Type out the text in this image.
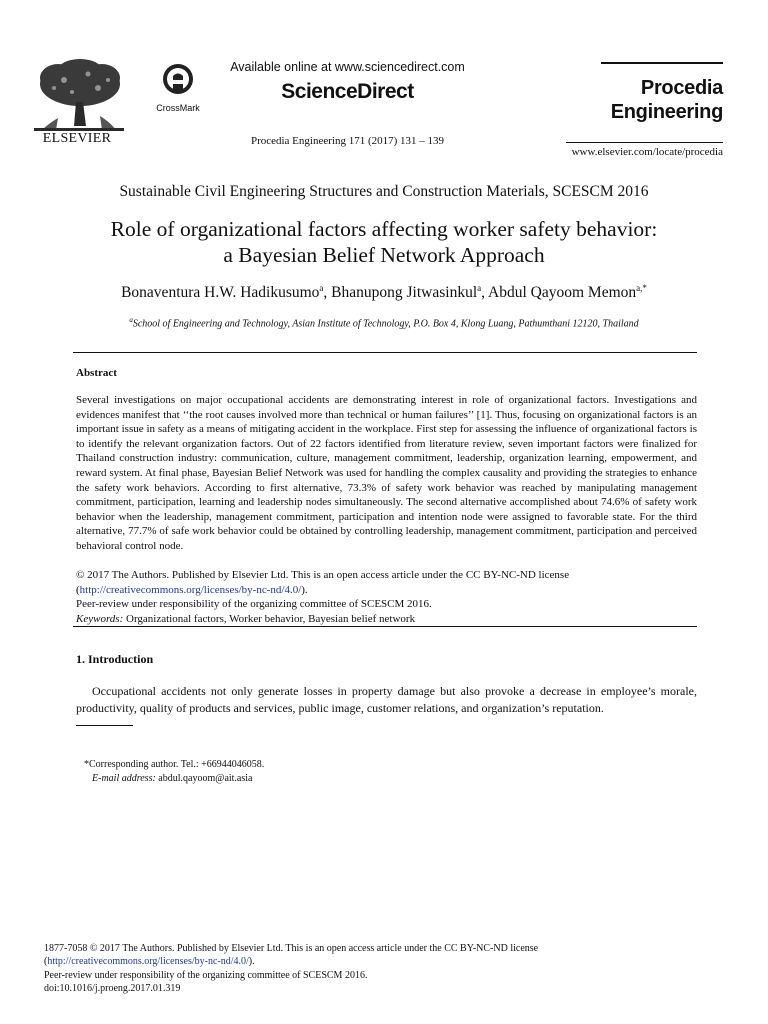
ELSEVIER
CrossMark
Available online at www.sciencedirect.com
ScienceDirect
Procedia Engineering 171 (2017) 131 – 139
Procedia
Engineering
www.elsevier.com/locate/procedia
Sustainable Civil Engineering Structures and Construction Materials, SCESCM 2016
Role of organizational factors affecting worker safety behavior:
a Bayesian Belief Network Approach
Bonaventura H.W. Hadikusumo$^a$, Bhanupong Jitwasinkul$^a$, Abdul Qayoom Memon$^{a,*}$
$^a$School of Engineering and Technology, Asian Institute of Technology, P.O. Box 4, Klong Luang, Pathumthani 12120, Thailand
Abstract
Several investigations on major occupational accidents are demonstrating interest in role of organizational factors. Investigations and evidences manifest that ‘‘the root causes involved more than technical or human failures’’ [1]. Thus, focusing on organizational factors is an important issue in safety as a means of mitigating accident in the workplace. First step for assessing the influence of organizational factors is to identify the relevant organization factors. Out of 22 factors identified from literature review, seven important factors were finalized for Thailand construction industry: communication, culture, management commitment, leadership, organization learning, empowerment, and reward system. At final phase, Bayesian Belief Network was used for handling the complex causality and providing the strategies to enhance the safety work behaviors. According to first alternative, 73.3% of safety work behavior was reached by manipulating management commitment, participation, learning and leadership nodes simultaneously. The second alternative accomplished about 74.6% of safety work behavior when the leadership, management commitment, participation and intention node were assigned to favorable state. For the third alternative, 77.7% of safe work behavior could be obtained by controlling leadership, management commitment, participation and perceived behavioral control node.
© 2017 The Authors. Published by Elsevier Ltd. This is an open access article under the CC BY-NC-ND license
(http://creativecommons.org/licenses/by-nc-nd/4.0/).
Peer-review under responsibility of the organizing committee of SCESCM 2016.
Keywords: Organizational factors, Worker behavior, Bayesian belief network
1. Introduction
Occupational accidents not only generate losses in property damage but also provoke a decrease in employee’s morale, productivity, quality of products and services, public image, customer relations, and organization’s reputation.
*Corresponding author. Tel.: +66944046058.
E-mail address: abdul.qayoom@ait.asia
1877-7058 © 2017 The Authors. Published by Elsevier Ltd. This is an open access article under the CC BY-NC-ND license
(http://creativecommons.org/licenses/by-nc-nd/4.0/).
Peer-review under responsibility of the organizing committee of SCESCM 2016.
doi:10.1016/j.proeng.2017.01.319
